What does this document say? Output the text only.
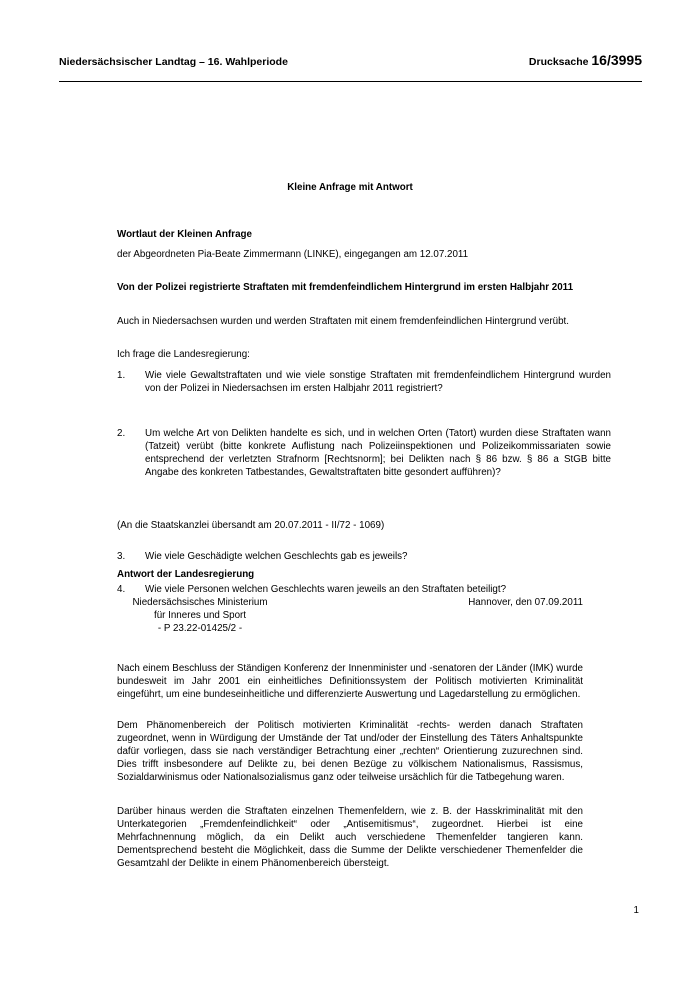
Niedersächsischer Landtag – 16. Wahlperiode	Drucksache 16/3995
Kleine Anfrage mit Antwort
Wortlaut der Kleinen Anfrage
der Abgeordneten Pia-Beate Zimmermann (LINKE), eingegangen am 12.07.2011
Von der Polizei registrierte Straftaten mit fremdenfeindlichem Hintergrund im ersten Halbjahr 2011
Auch in Niedersachsen wurden und werden Straftaten mit einem fremdenfeindlichen Hintergrund verübt.
Ich frage die Landesregierung:
1. Wie viele Gewaltstraftaten und wie viele sonstige Straftaten mit fremdenfeindlichem Hintergrund wurden von der Polizei in Niedersachsen im ersten Halbjahr 2011 registriert?
2. Um welche Art von Delikten handelte es sich, und in welchen Orten (Tatort) wurden diese Straftaten wann (Tatzeit) verübt (bitte konkrete Auflistung nach Polizeiinspektionen und Polizeikommissariaten sowie entsprechend der verletzten Strafnorm [Rechtsnorm]; bei Delikten nach § 86 bzw. § 86 a StGB bitte Angabe des konkreten Tatbestandes, Gewaltstraftaten bitte gesondert aufführen)?
3. Wie viele Geschädigte welchen Geschlechts gab es jeweils?
4. Wie viele Personen welchen Geschlechts waren jeweils an den Straftaten beteiligt?
(An die Staatskanzlei übersandt am 20.07.2011 - II/72 - 1069)
Antwort der Landesregierung
Niedersächsisches Ministerium
für Inneres und Sport
- P 23.22-01425/2 -
Hannover, den 07.09.2011
Nach einem Beschluss der Ständigen Konferenz der Innenminister und -senatoren der Länder (IMK) wurde bundesweit im Jahr 2001 ein einheitliches Definitionssystem der Politisch motivierten Kriminalität eingeführt, um eine bundeseinheitliche und differenzierte Auswertung und Lagedarstellung zu ermöglichen.
Dem Phänomenbereich der Politisch motivierten Kriminalität -rechts- werden danach Straftaten zugeordnet, wenn in Würdigung der Umstände der Tat und/oder der Einstellung des Täters Anhaltspunkte dafür vorliegen, dass sie nach verständiger Betrachtung einer „rechten“ Orientierung zuzurechnen sind. Dies trifft insbesondere auf Delikte zu, bei denen Bezüge zu völkischem Nationalismus, Rassismus, Sozialdarwinismus oder Nationalsozialismus ganz oder teilweise ursächlich für die Tatbegehung waren.
Darüber hinaus werden die Straftaten einzelnen Themenfeldern, wie z. B. der Hasskriminalität mit den Unterkategorien „Fremdenfeindlichkeit“ oder „Antisemitismus“, zugeordnet. Hierbei ist eine Mehrfachnennung möglich, da ein Delikt auch verschiedene Themenfelder tangieren kann. Dementsprechend besteht die Möglichkeit, dass die Summe der Delikte verschiedener Themenfelder die Gesamtzahl der Delikte in einem Phänomenbereich übersteigt.
1
